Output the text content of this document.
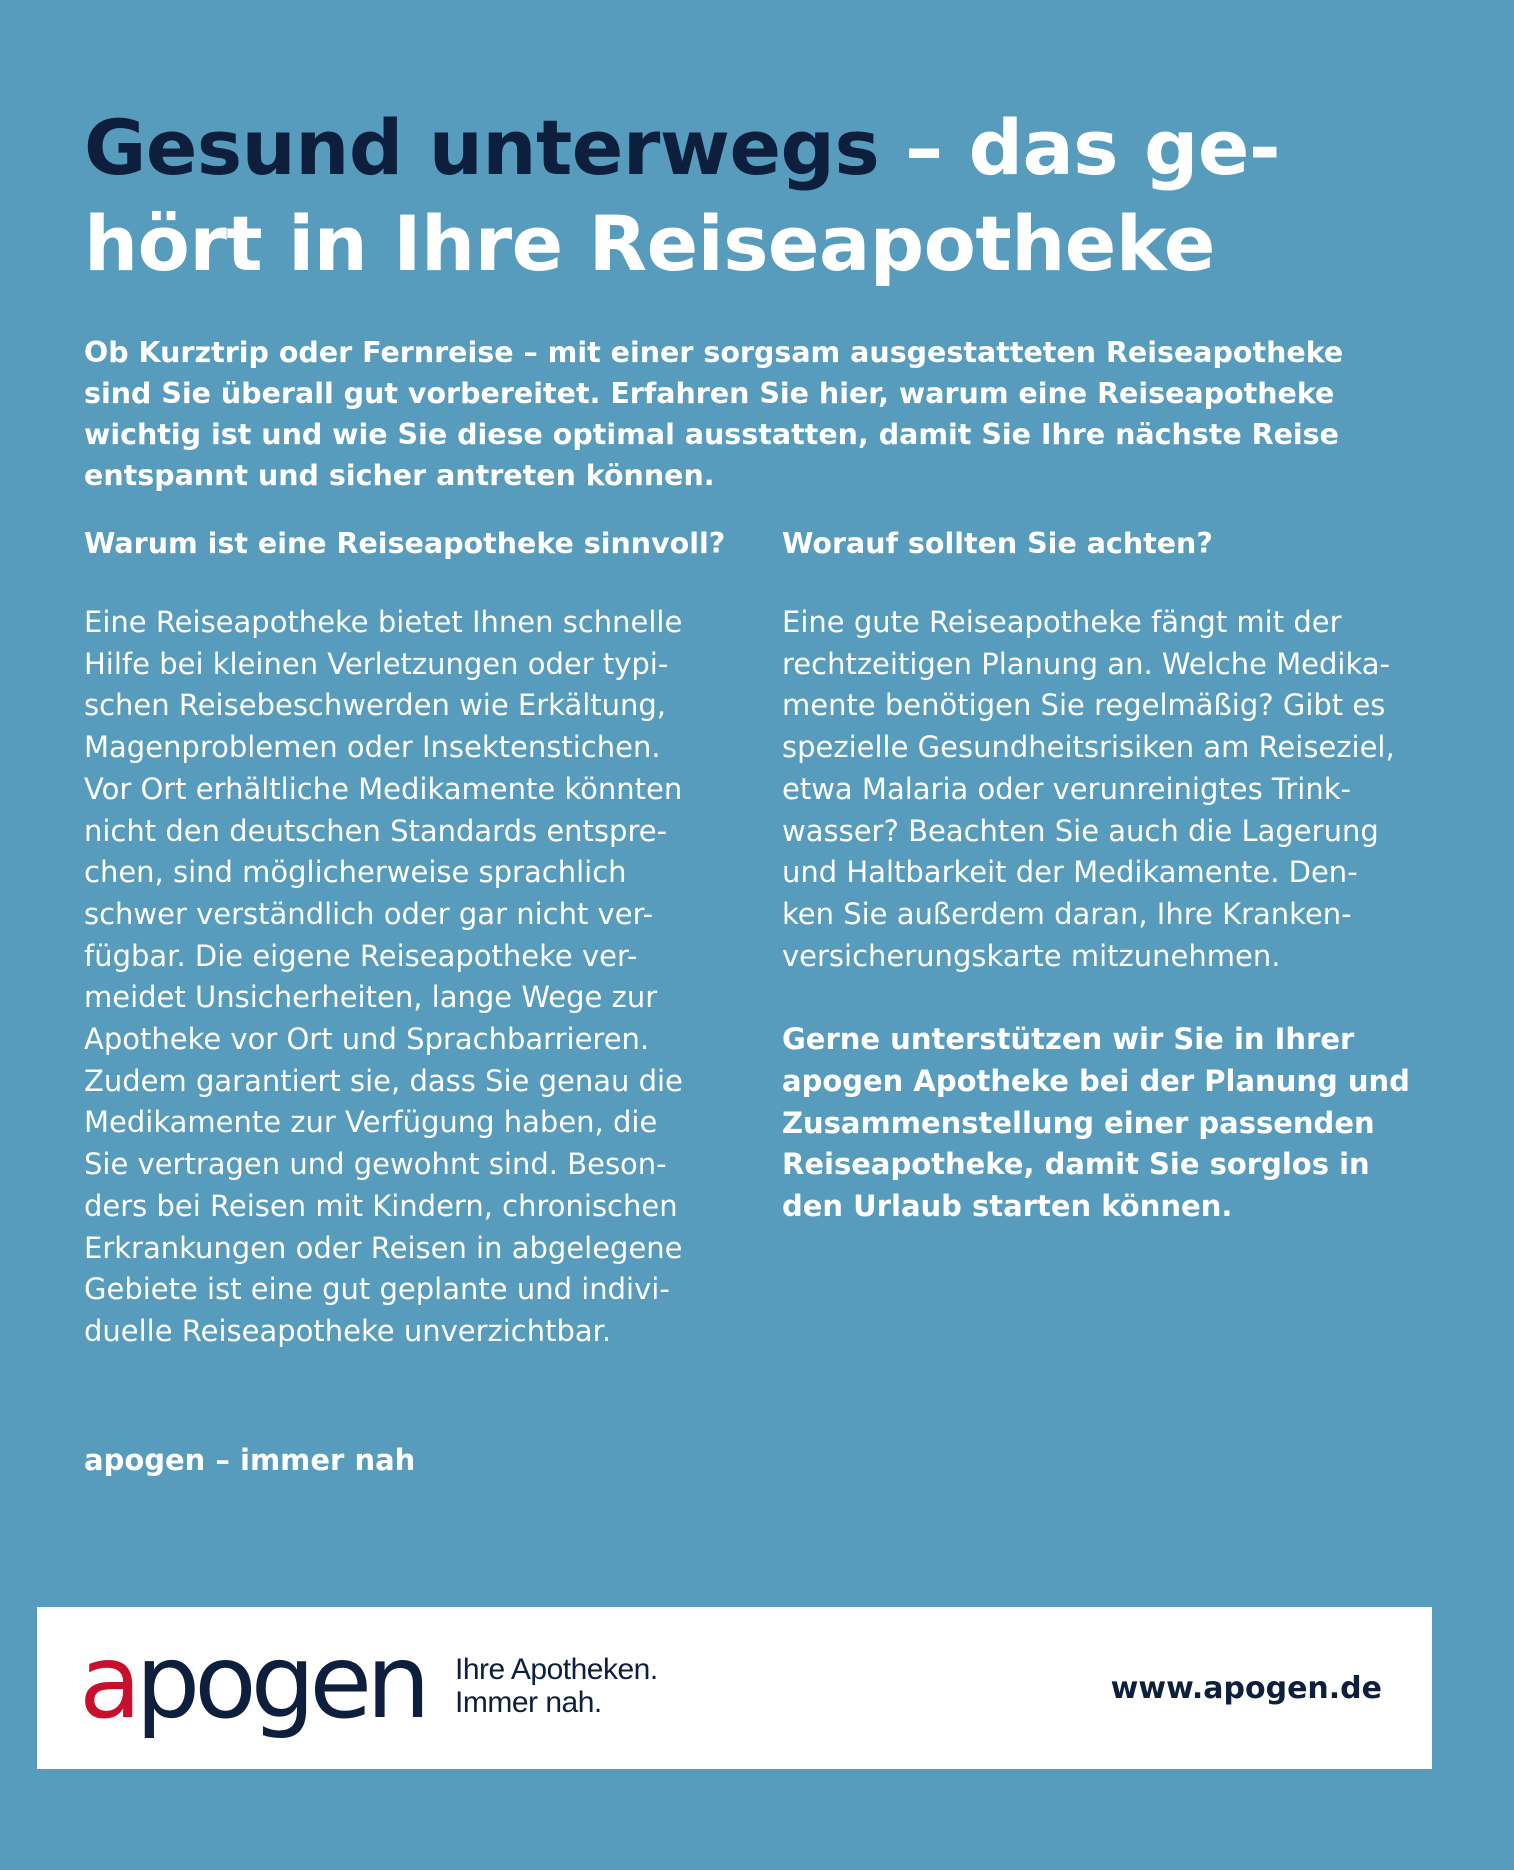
Gesund unterwegs – das ge-
hört in Ihre Reiseapotheke

Ob Kurztrip oder Fernreise – mit einer sorgsam ausgestatteten Reiseapotheke
sind Sie überall gut vorbereitet. Erfahren Sie hier, warum eine Reiseapotheke
wichtig ist und wie Sie diese optimal ausstatten, damit Sie Ihre nächste Reise
entspannt und sicher antreten können.

Warum ist eine Reiseapotheke sinnvoll?
Eine Reiseapotheke bietet Ihnen schnelle
Hilfe bei kleinen Verletzungen oder typi-
schen Reisebeschwerden wie Erkältung,
Magenproblemen oder Insektenstichen.
Vor Ort erhältliche Medikamente könnten
nicht den deutschen Standards entspre-
chen, sind möglicherweise sprachlich
schwer verständlich oder gar nicht ver-
fügbar. Die eigene Reiseapotheke ver-
meidet Unsicherheiten, lange Wege zur
Apotheke vor Ort und Sprachbarrieren.
Zudem garantiert sie, dass Sie genau die
Medikamente zur Verfügung haben, die
Sie vertragen und gewohnt sind. Beson-
ders bei Reisen mit Kindern, chronischen
Erkrankungen oder Reisen in abgelegene
Gebiete ist eine gut geplante und indivi-
duelle Reiseapotheke unverzichtbar.
Worauf sollten Sie achten?
Eine gute Reiseapotheke fängt mit der
rechtzeitigen Planung an. Welche Medika-
mente benötigen Sie regelmäßig? Gibt es
spezielle Gesundheitsrisiken am Reiseziel,
etwa Malaria oder verunreinigtes Trink-
wasser? Beachten Sie auch die Lagerung
und Haltbarkeit der Medikamente. Den-
ken Sie außerdem daran, Ihre Kranken-
versicherungskarte mitzunehmen.
Gerne unterstützen wir Sie in Ihrer
apogen Apotheke bei der Planung und
Zusammenstellung einer passenden
Reiseapotheke, damit Sie sorglos in
den Urlaub starten können.
apogen – immer nah
apogen Ihre Apotheken.
Immer nah.	www.apogen.de
